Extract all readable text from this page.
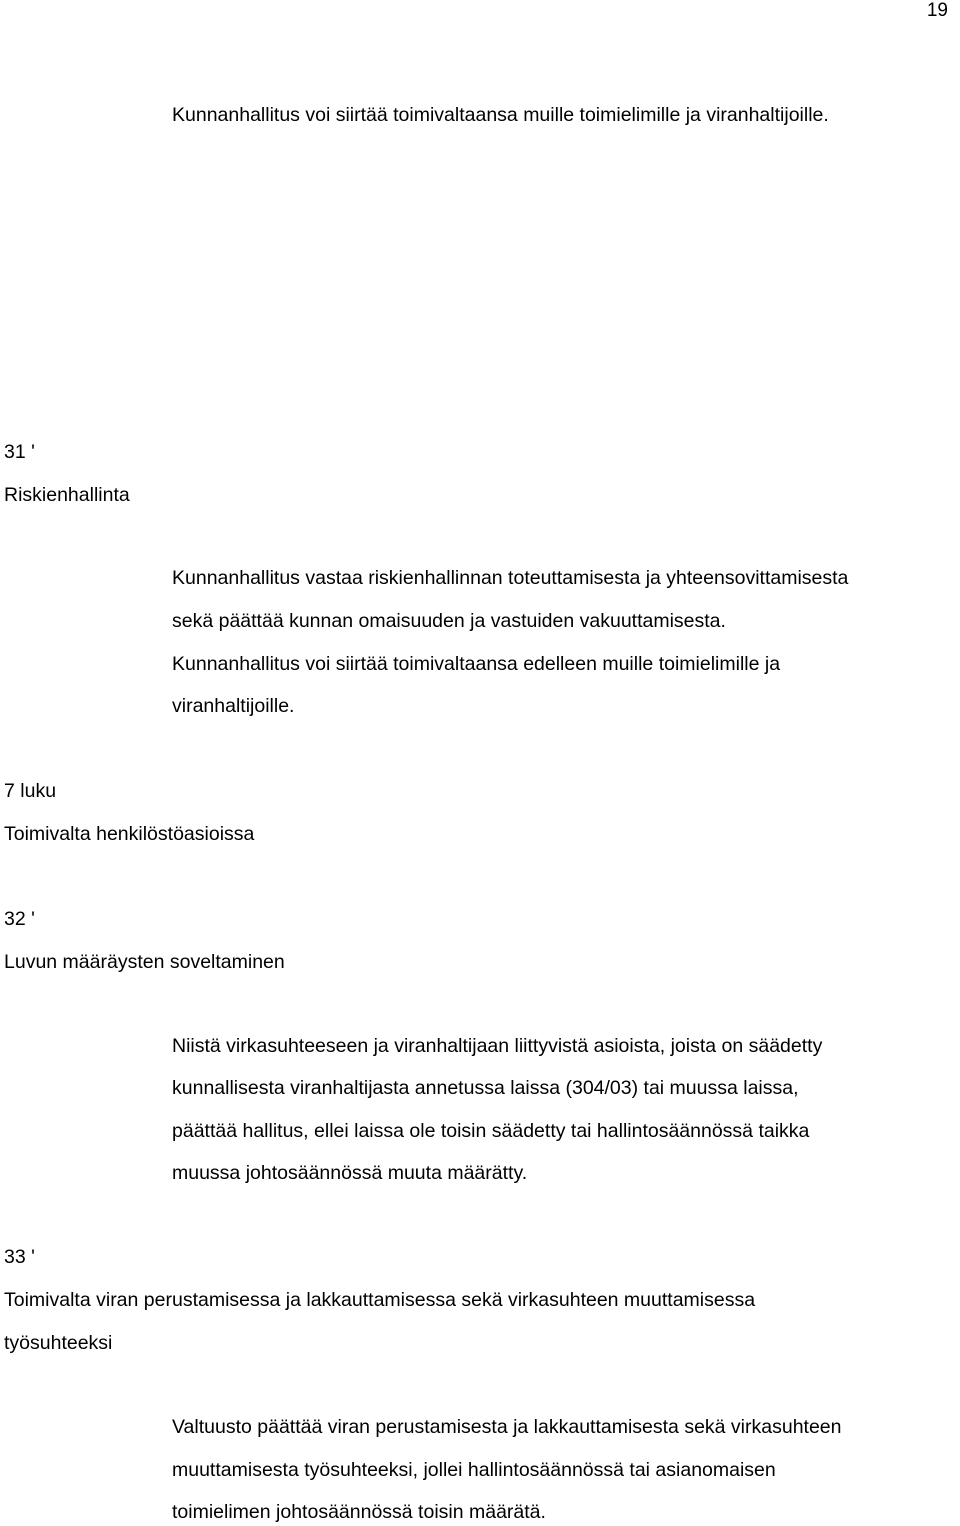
19
Kunnanhallitus voi siirtää toimivaltaansa muille toimielimille ja viranhaltijoille.
31 '
Riskienhallinta
Kunnanhallitus vastaa riskienhallinnan toteuttamisesta ja yhteensovittamisesta
sekä päättää kunnan omaisuuden ja vastuiden vakuuttamisesta.
Kunnanhallitus voi siirtää toimivaltaansa edelleen muille toimielimille ja
viranhaltijoille.
7 luku
Toimivalta henkilöstöasioissa
32 '
Luvun määräysten soveltaminen
Niistä virkasuhteeseen ja viranhaltijaan liittyvistä asioista, joista on säädetty
kunnallisesta viranhaltijasta annetussa laissa (304/03) tai muussa laissa,
päättää hallitus, ellei laissa ole toisin säädetty tai hallintosäännössä taikka
muussa johtosäännössä muuta määrätty.
33 '
Toimivalta viran perustamisessa ja lakkauttamisessa sekä virkasuhteen muuttamisessa
työsuhteeksi
Valtuusto päättää viran perustamisesta ja lakkauttamisesta sekä virkasuhteen
muuttamisesta työsuhteeksi, jollei hallintosäännössä tai asianomaisen
toimielimen johtosäännössä toisin määrätä.
